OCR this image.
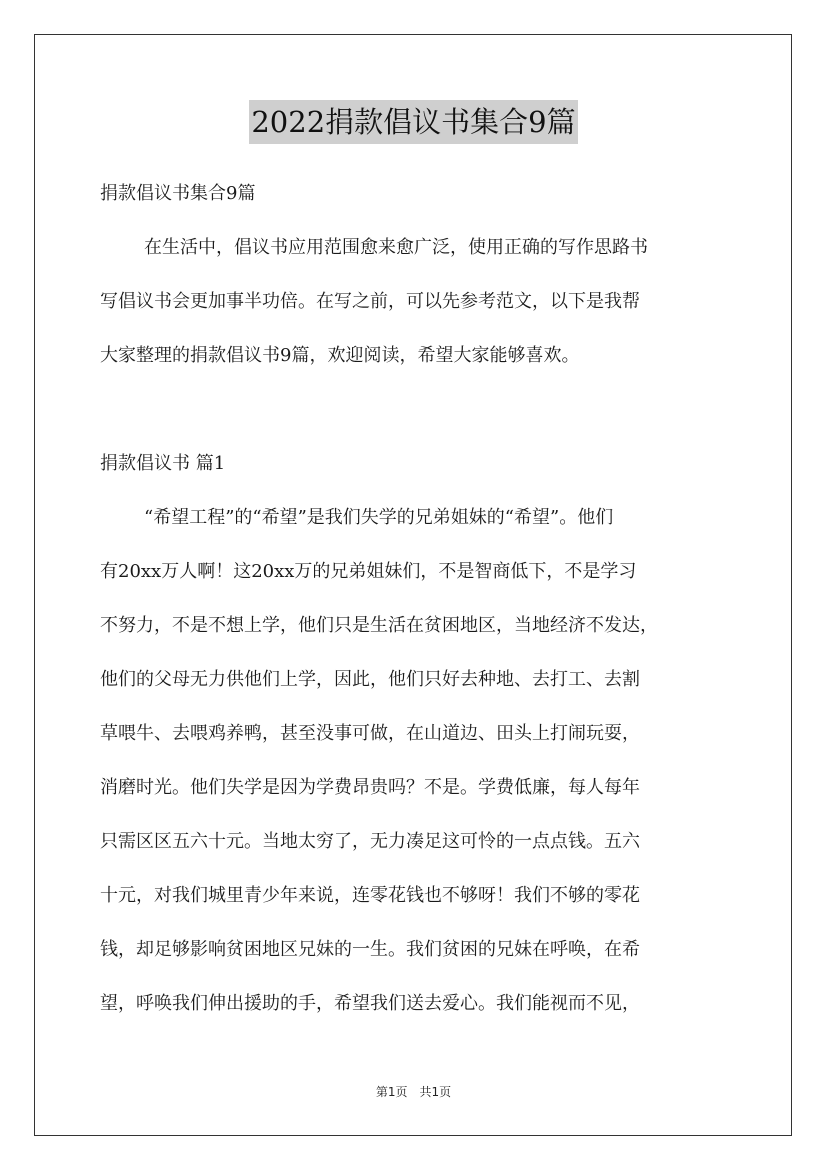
2022捐款倡议书集合9篇
捐款倡议书集合9篇
在生活中，倡议书应用范围愈来愈广泛，使用正确的写作思路书
写倡议书会更加事半功倍。在写之前，可以先参考范文，以下是我帮
大家整理的捐款倡议书9篇，欢迎阅读，希望大家能够喜欢。
捐款倡议书 篇1
“希望工程”的“希望”是我们失学的兄弟姐妹的“希望”。他们
有20xx万人啊！这20xx万的兄弟姐妹们，不是智商低下，不是学习
不努力，不是不想上学，他们只是生活在贫困地区，当地经济不发达，
他们的父母无力供他们上学，因此，他们只好去种地、去打工、去割
草喂牛、去喂鸡养鸭，甚至没事可做，在山道边、田头上打闹玩耍，
消磨时光。他们失学是因为学费昂贵吗？不是。学费低廉，每人每年
只需区区五六十元。当地太穷了，无力凑足这可怜的一点点钱。五六
十元，对我们城里青少年来说，连零花钱也不够呀！我们不够的零花
钱，却足够影响贫困地区兄妹的一生。我们贫困的兄妹在呼唤，在希
望，呼唤我们伸出援助的手，希望我们送去爱心。我们能视而不见，
第1页　共1页
